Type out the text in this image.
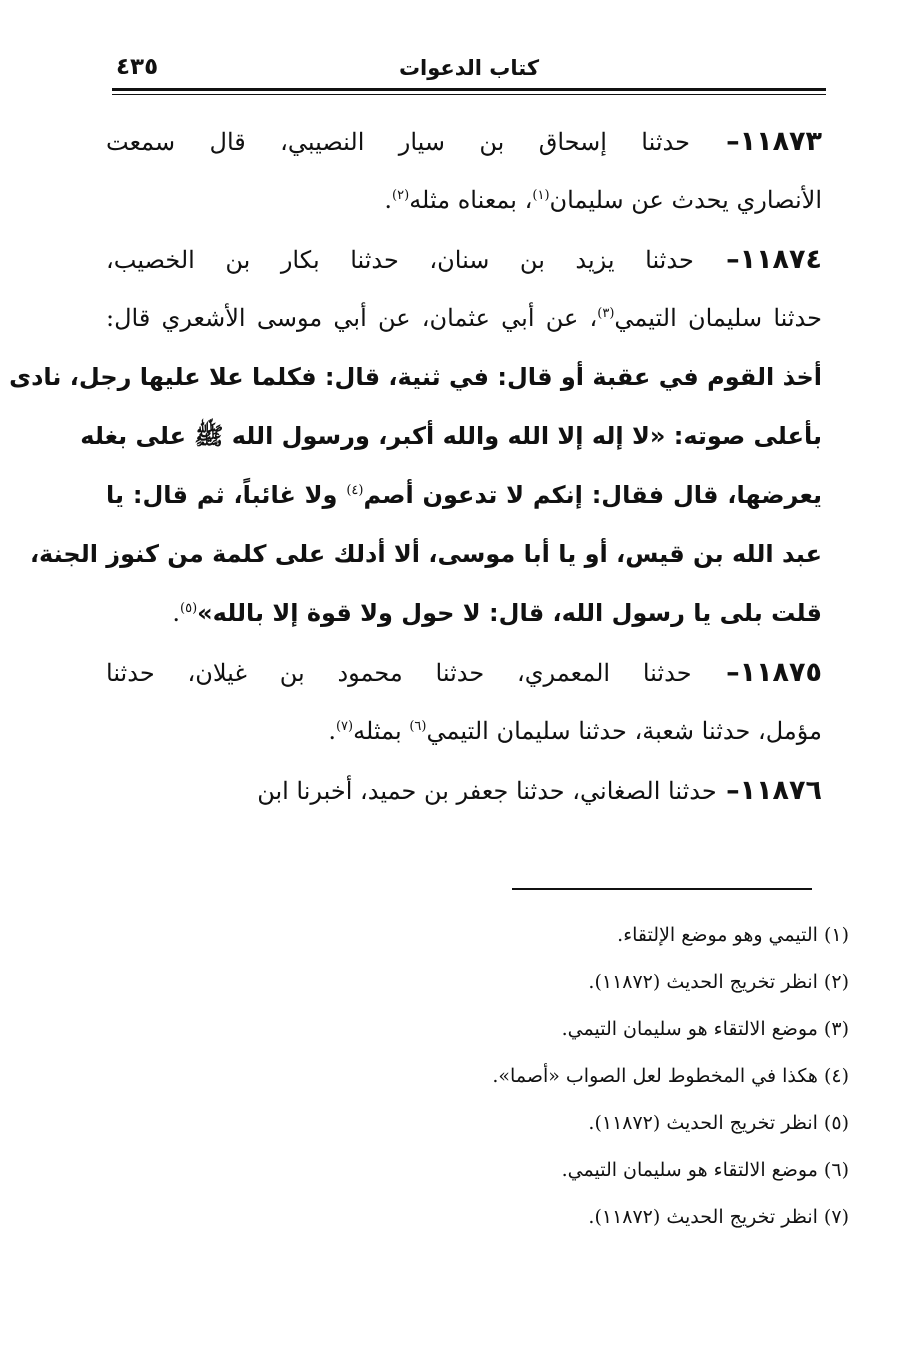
كتاب الدعوات
٤٣٥
١١٨٧٣– حدثنا إسحاق بن سيار النصيبي، قال سمعت
الأنصاري يحدث عن سليمان$^{(١)}$، بمعناه مثله$^{(٢)}$.
١١٨٧٤– حدثنا يزيد بن سنان، حدثنا بكار بن الخصيب،
حدثنا سليمان التيمي$^{(٣)}$، عن أبي عثمان، عن أبي موسى الأشعري قال:
أخذ القوم في عقبة أو قال: في ثنية، قال: فكلما علا عليها رجل، نادى
بأعلى صوته: «لا إله إلا الله والله أكبر، ورسول الله ﷺ على بغله
يعرضها، قال فقال: إنكم لا تدعون أصم$^{(٤)}$ ولا غائباً، ثم قال: يا
عبد الله بن قيس، أو يا أبا موسى، ألا أدلك على كلمة من كنوز الجنة،
قلت بلى يا رسول الله، قال: لا حول ولا قوة إلا بالله»$^{(٥)}$.
١١٨٧٥– حدثنا المعمري، حدثنا محمود بن غيلان، حدثنا
مؤمل، حدثنا شعبة، حدثنا سليمان التيمي$^{(٦)}$ بمثله$^{(٧)}$.
١١٨٧٦– حدثنا الصغاني، حدثنا جعفر بن حميد، أخبرنا ابن
(١) التيمي وهو موضع الإلتقاء.
(٢) انظر تخريج الحديث (١١٨٧٢).
(٣) موضع الالتقاء هو سليمان التيمي.
(٤) هكذا في المخطوط لعل الصواب «أصما».
(٥) انظر تخريج الحديث (١١٨٧٢).
(٦) موضع الالتقاء هو سليمان التيمي.
(٧) انظر تخريج الحديث (١١٨٧٢).
